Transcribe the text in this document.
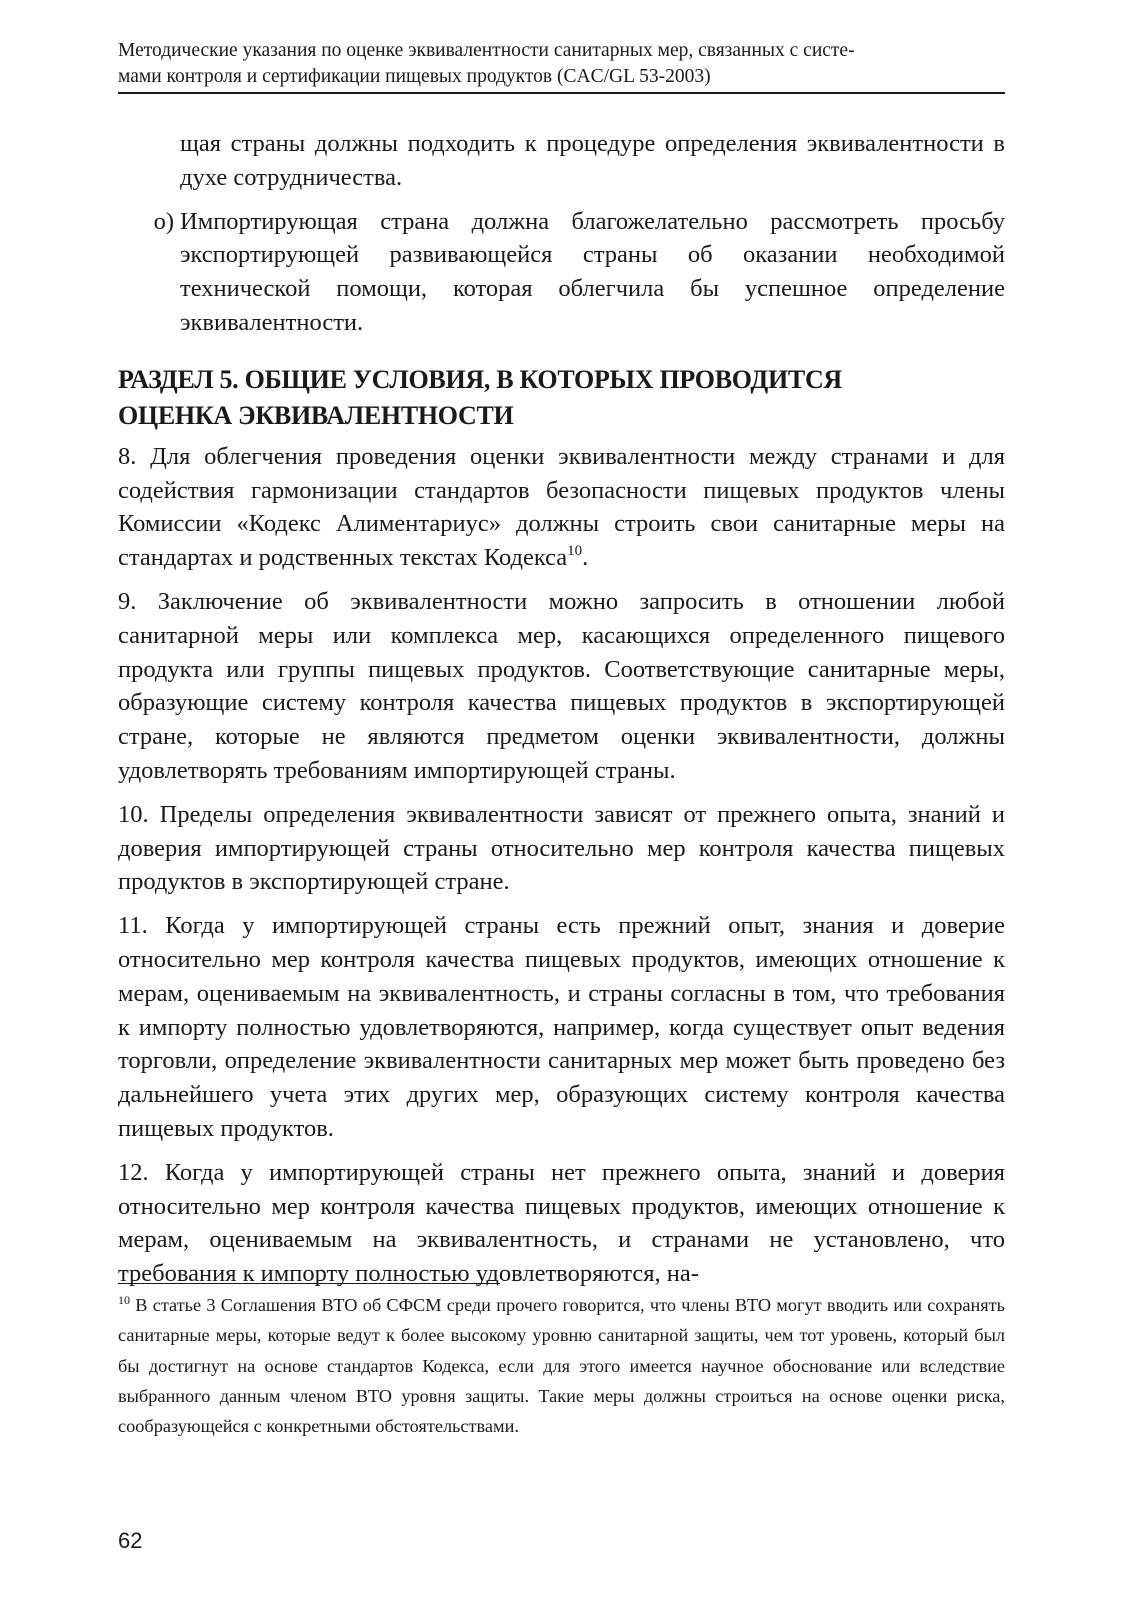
Методические указания по оценке эквивалентности санитарных мер, связанных с систе-
мами контроля и сертификации пищевых продуктов (CAC/GL 53-2003)

щая страны должны подходить к процедуре определения эквивалентности в духе сотрудничества.

o) Импортирующая страна должна благожелательно рассмотреть просьбу экспортирующей развивающейся страны об оказании необходимой технической помощи, которая облегчила бы успешное определение эквивалентности.
РАЗДЕЛ 5. ОБЩИЕ УСЛОВИЯ, В КОТОРЫХ ПРОВОДИТСЯ
ОЦЕНКА ЭКВИВАЛЕНТНОСТИ

8. Для облегчения проведения оценки эквивалентности между странами и для содействия гармонизации стандартов безопасности пищевых продуктов члены Комиссии «Кодекс Алиментариус» должны строить свои санитарные меры на стандартах и родственных текстах Кодекса$^{10}$.

9. Заключение об эквивалентности можно запросить в отношении любой санитарной меры или комплекса мер, касающихся определенного пищевого продукта или группы пищевых продуктов. Соответствующие санитарные меры, образующие систему контроля качества пищевых продуктов в экспортирующей стране, которые не являются предметом оценки эквивалентности, должны удовлетворять требованиям импортирующей страны.

10. Пределы определения эквивалентности зависят от прежнего опыта, знаний и доверия импортирующей страны относительно мер контроля качества пищевых продуктов в экспортирующей стране.

11. Когда у импортирующей страны есть прежний опыт, знания и доверие относительно мер контроля качества пищевых продуктов, имеющих отношение к мерам, оцениваемым на эквивалентность, и страны согласны в том, что требования к импорту полностью удовлетворяются, например, когда существует опыт ведения торговли, определение эквивалентности санитарных мер может быть проведено без дальнейшего учета этих других мер, образующих систему контроля качества пищевых продуктов.

12. Когда у импортирующей страны нет прежнего опыта, знаний и доверия относительно мер контроля качества пищевых продуктов, имеющих отношение к мерам, оцениваемым на эквивалентность, и странами не установлено, что требования к импорту полностью удовлетворяются, на-

$^{10}$ В статье 3 Соглашения ВТО об СФСМ среди прочего говорится, что члены ВТО могут вводить или сохранять санитарные меры, которые ведут к более высокому уровню санитарной защиты, чем тот уровень, который был бы достигнут на основе стандартов Кодекса, если для этого имеется научное обоснование или вследствие выбранного данным членом ВТО уровня защиты. Такие меры должны строиться на основе оценки риска, сообразующейся с конкретными обстоятельствами.
62
